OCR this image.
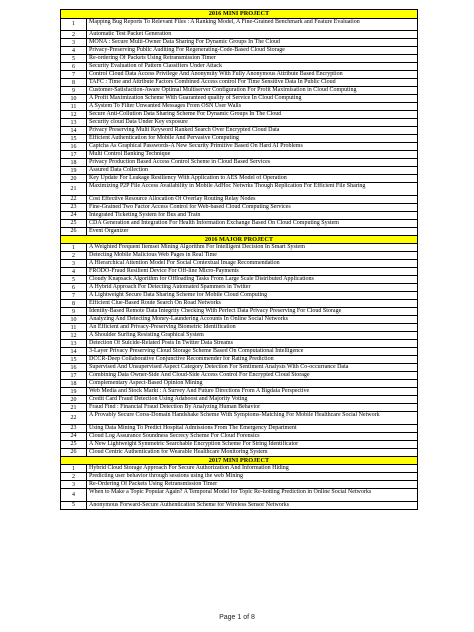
2016 MINI PROJECT
1	Mapping Bug Reports To Relevant Files : A Ranking Model, A Fine-Grained Benchmark and Feature Evaluation
2	Automatic Test Packet Generation
3	MONA : Secure Multi-Owner Data Sharing For Dynamic Groups In The Cloud
4	Privacy-Preserving Public Auditing For Regenerating-Code-Based Cloud Storage
5	Re-ordering Of Packets Using Retransmission Timer
6	Security Evaluation of Pattern Classifiers Under Attack
7	Control Cloud Data Access Privilege And Anonymity With Fully Anonymous Attribute Based Encryption
8	TAFC : Time and Attribute Factors Combined Access control For Time Sensitive Data In Public Cloud
9	Customer-Satisfaction-Aware Optimal Multiserver Configuration For Profit Maximisation in Cloud Computing
10	A Profit Maximization Scheme With Guaranteed quality of Service In Cloud Computing
11	A System To Filter Unwanted Messages From OSN User Walls
12	Secure Anti-Collution Data Sharing Scheme For Dynamic Groups In The Cloud
13	Security cloud Data Under Key exposure
14	Privacy Preserving Multi Keyword Ranked Search Over Encrypted Cloud Data
15	Efficient Authentication for Mobile And Pervasive Computing
16	Captcha As Graphical Passwords-A New Security Primitive Based On Hard AI Problems
17	Multi Control Banking Technique
18	Privacy Production Based Access Control Scheme in Cloud Based Services
19	Assured Data Collection
20	Key Update For Leakage Resiliency With Application to AES Model of Operation
21	Maximizing P2P File Access Availability in Mobile AdHoc Netwrks Though Replication For Efficient File Sharing
22	Cost Effective Resource Allocation Of Overlay Routing Relay Nodes
23	Fine-Grained Two Factor Access Control for Web-based Cloud Computing Services
24	Integrated Ticketing System for Bus and Train
25	CDA Generation and Integration For Health Information Exchange Based On Cloud Computing System
26	Event Organizer
2016 MAJOR PROJECT
1	A Weighted Frequent Itemset Mining Algorithm For Intelligent Decision In Smart System
2	Detecting Mobile Malicious Web Pages in Real Time
3	A Hierarchical Attention Model For Social Contextual Image Recommendation
4	FRODO-Fraud Resilient Device For Off-line Micro-Payments
5	Cloudy Knapsack Algorithm for Offloading Tasks From Large Scale Distributed Applications
6	A Hybrid Approach For Detecting Automated Spammers in Twitter
7	A Lightweight Secure Data Sharing Scheme for Mobile Cloud Computing
8	Efficient Clue-Based Route Search On Road Networks
9	Identity-Based Remote Data Integrity Checking With Perfect Data Privacy Preserving For Cloud Storage
10	Analyzing And Detecting Money-Laundering Accounts In Online Social Networks
11	An Efficient and Privacy-Preserving Biometric Identification
12	A Shoulder Surfing Resisting Graphical System
13	Detection Of Suicide-Related Posts In Twitter Data Streams
14	3-Layer Privacy Preserving Cloud Storage Scheme Based On Computational Intelligence
15	DCCR-Deep Collaborative Conjunctive Recommender for Rating Prediction
16	Supervised And Unsupervised Aspect Category Detection For Sentiment Analysis With Co-occurrance Data
17	Combining Data Owner-Side And Cloud-Side Access Control For Encrypted Cloud Storage
18	Complementary Aspect-Based Opinion Mining
19	Web Media and Stock Markt : A Survey And Future Directions From A Bigdata Perspective
20	Credit Card Fraud Detection Using Adaboost and Majority Voting
21	Fraud Find : Financial Fraud Detection By Analyzing Human Behavior
22	A Provably Secure Corss-Domain Handshake Scheme With Symptoms-Matching For Mobile Healthcare Social Network
23	Using Data Mining To Predict Hospital Admissions From The Emergency Department
24	Cloud Log Assurance Soundness Secrecy Scheme For Cloud Forensics
25	A New Lightweight Symmetric Searchable Encryption Scheme For String Identificator
26	Cloud Centric Authentication for Wearable Healthcare Monitoring System
2017 MINI PROJECT
1	Hybrid Cloud Storage Approach For Secure Authorization And Information Hiding
2	Predicting user behavior through sessions using the web Mining
3	Re-Ordering Of Packets Using Retransmission Timer
4	When to Make a Topic Popular Again? A Temporal Model for Topic Re-hotting Prediction in Online Social Networks
5	Anonymous Forward-Secure Authentication Scheme for Wireless Sensor Networks
Page 1 of 8
